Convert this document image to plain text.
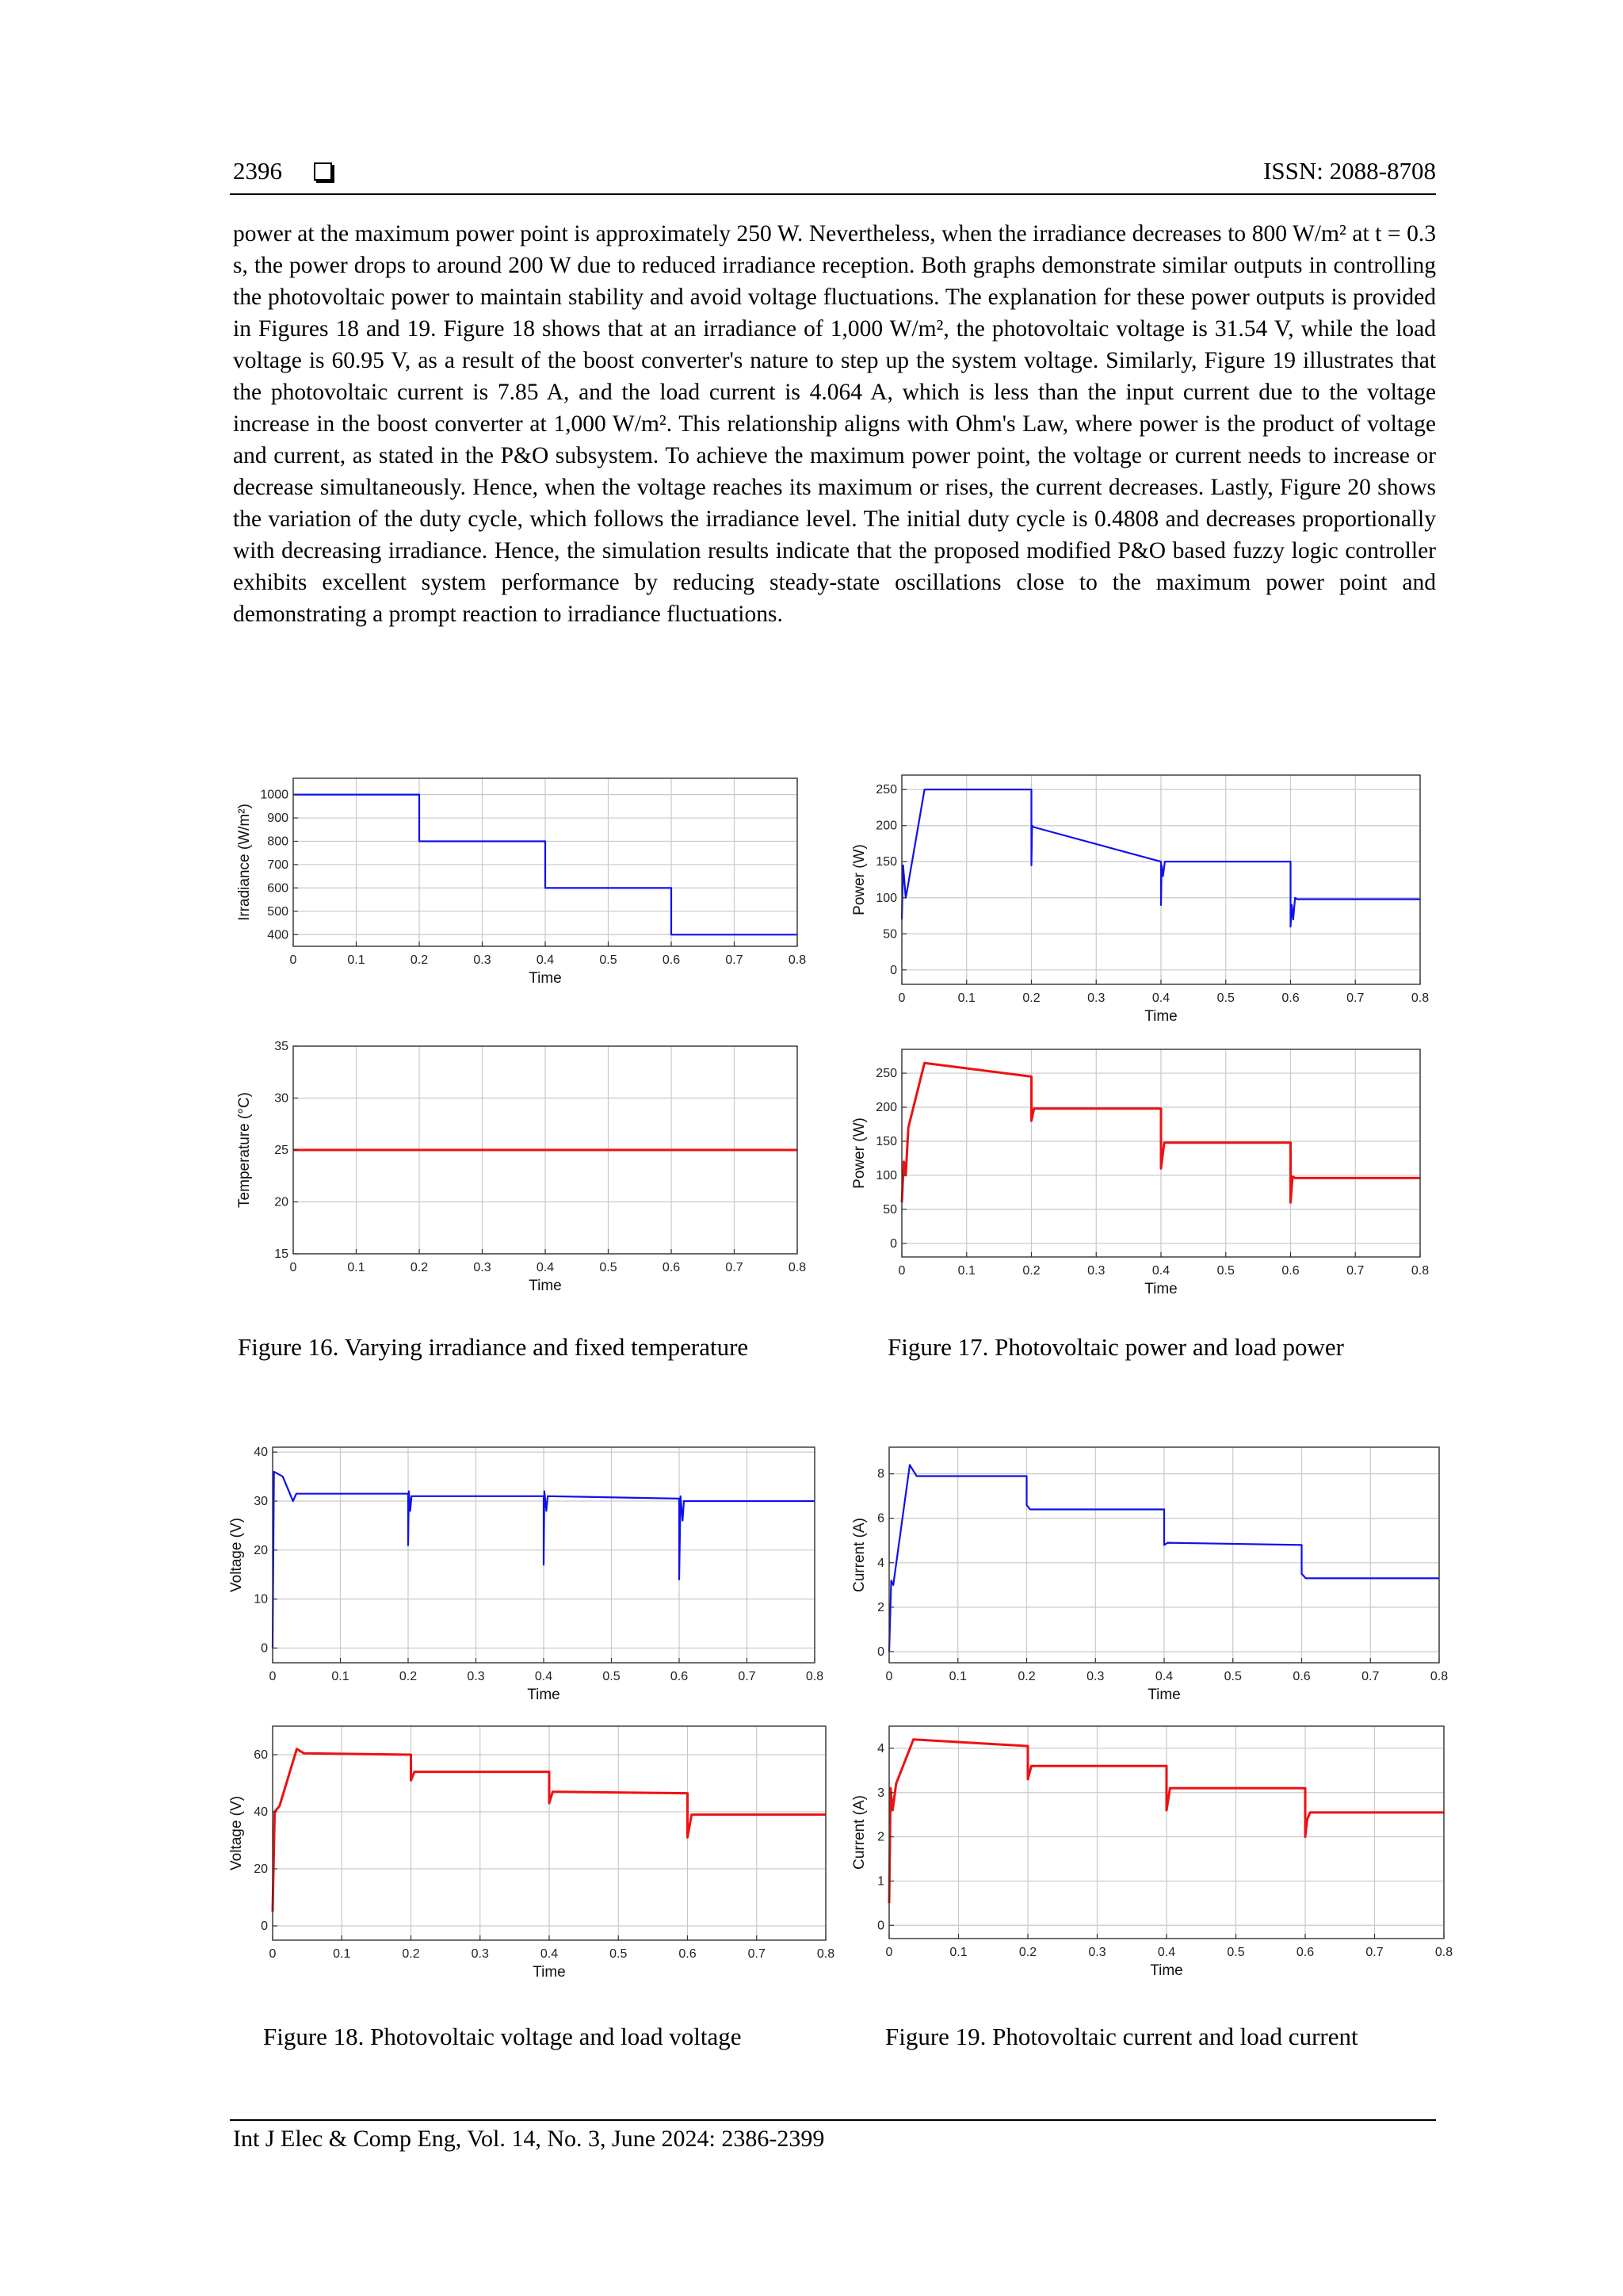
2396	ISSN: 2088-8708
power at the maximum power point is approximately 250 W. Nevertheless, when the irradiance decreases to 800 W/m² at t = 0.3 s, the power drops to around 200 W due to reduced irradiance reception. Both graphs demonstrate similar outputs in controlling the photovoltaic power to maintain stability and avoid voltage fluctuations. The explanation for these power outputs is provided in Figures 18 and 19. Figure 18 shows that at an irradiance of 1,000 W/m², the photovoltaic voltage is 31.54 V, while the load voltage is 60.95 V, as a result of the boost converter's nature to step up the system voltage. Similarly, Figure 19 illustrates that the photovoltaic current is 7.85 A, and the load current is 4.064 A, which is less than the input current due to the voltage increase in the boost converter at 1,000 W/m². This relationship aligns with Ohm's Law, where power is the product of voltage and current, as stated in the P&O subsystem. To achieve the maximum power point, the voltage or current needs to increase or decrease simultaneously. Hence, when the voltage reaches its maximum or rises, the current decreases. Lastly, Figure 20 shows the variation of the duty cycle, which follows the irradiance level. The initial duty cycle is 0.4808 and decreases proportionally with decreasing irradiance. Hence, the simulation results indicate that the proposed modified P&O based fuzzy logic controller exhibits excellent system performance by reducing steady-state oscillations close to the maximum power point and demonstrating a prompt reaction to irradiance fluctuations.
0	0.1	0.2	0.3	0.4	0.5	0.6	0.7	0.8
400
500
600
700
800
900
1000
Time
Irradiance (W/m²)
0	0.1	0.2	0.3	0.4	0.5	0.6	0.7	0.8
15
20
25
30
35
Time
Temperature (°C)
0	0.1	0.2	0.3	0.4	0.5	0.6	0.7	0.8
0
50
100
150
200
250
Time
Power (W)
0	0.1	0.2	0.3	0.4	0.5	0.6	0.7	0.8
0
50
100
150
200
250
Time
Power (W)
0	0.1	0.2	0.3	0.4	0.5	0.6	0.7	0.8
0
10
20
30
40
Time
Voltage (V)
0	0.1	0.2	0.3	0.4	0.5	0.6	0.7	0.8
0
20
40
60
Time
Voltage (V)
0	0.1	0.2	0.3	0.4	0.5	0.6	0.7	0.8
0
2
4
6
8
Time
Current (A)
0	0.1	0.2	0.3	0.4	0.5	0.6	0.7	0.8
0
1
2
3
4
Time
Current (A)
Figure 16. Varying irradiance and fixed temperature	Figure 17. Photovoltaic power and load power
Figure 18. Photovoltaic voltage and load voltage	Figure 19. Photovoltaic current and load current
Int J Elec & Comp Eng, Vol. 14, No. 3, June 2024: 2386-2399
